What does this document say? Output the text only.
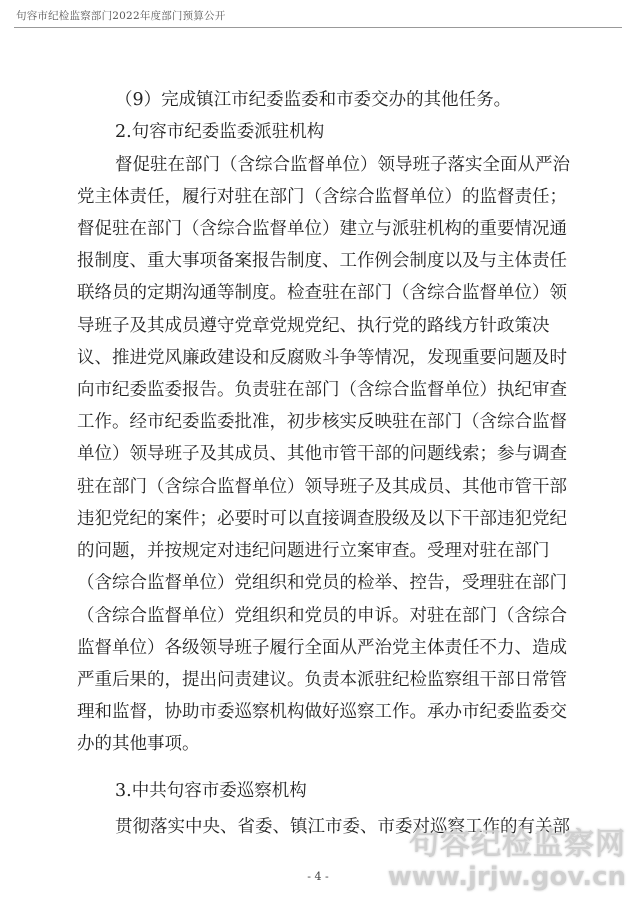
句容市纪检监察部门2022年度部门预算公开
（9）完成镇江市纪委监委和市委交办的其他任务。
2.句容市纪委监委派驻机构
督促驻在部门（含综合监督单位）领导班子落实全面从严治
党主体责任，履行对驻在部门（含综合监督单位）的监督责任；
督促驻在部门（含综合监督单位）建立与派驻机构的重要情况通
报制度、重大事项备案报告制度、工作例会制度以及与主体责任
联络员的定期沟通等制度。检查驻在部门（含综合监督单位）领
导班子及其成员遵守党章党规党纪、执行党的路线方针政策决
议、推进党风廉政建设和反腐败斗争等情况，发现重要问题及时
向市纪委监委报告。负责驻在部门（含综合监督单位）执纪审查
工作。经市纪委监委批准，初步核实反映驻在部门（含综合监督
单位）领导班子及其成员、其他市管干部的问题线索；参与调查
驻在部门（含综合监督单位）领导班子及其成员、其他市管干部
违犯党纪的案件；必要时可以直接调查股级及以下干部违犯党纪
的问题，并按规定对违纪问题进行立案审查。受理对驻在部门
（含综合监督单位）党组织和党员的检举、控告，受理驻在部门
（含综合监督单位）党组织和党员的申诉。对驻在部门（含综合
监督单位）各级领导班子履行全面从严治党主体责任不力、造成
严重后果的，提出问责建议。负责本派驻纪检监察组干部日常管
理和监督，协助市委巡察机构做好巡察工作。承办市纪委监委交
办的其他事项。
3.中共句容市委巡察机构
贯彻落实中央、省委、镇江市委、市委对巡察工作的有关部
- 4 -
句容纪检监察网
www.jrjw.gov.cn
